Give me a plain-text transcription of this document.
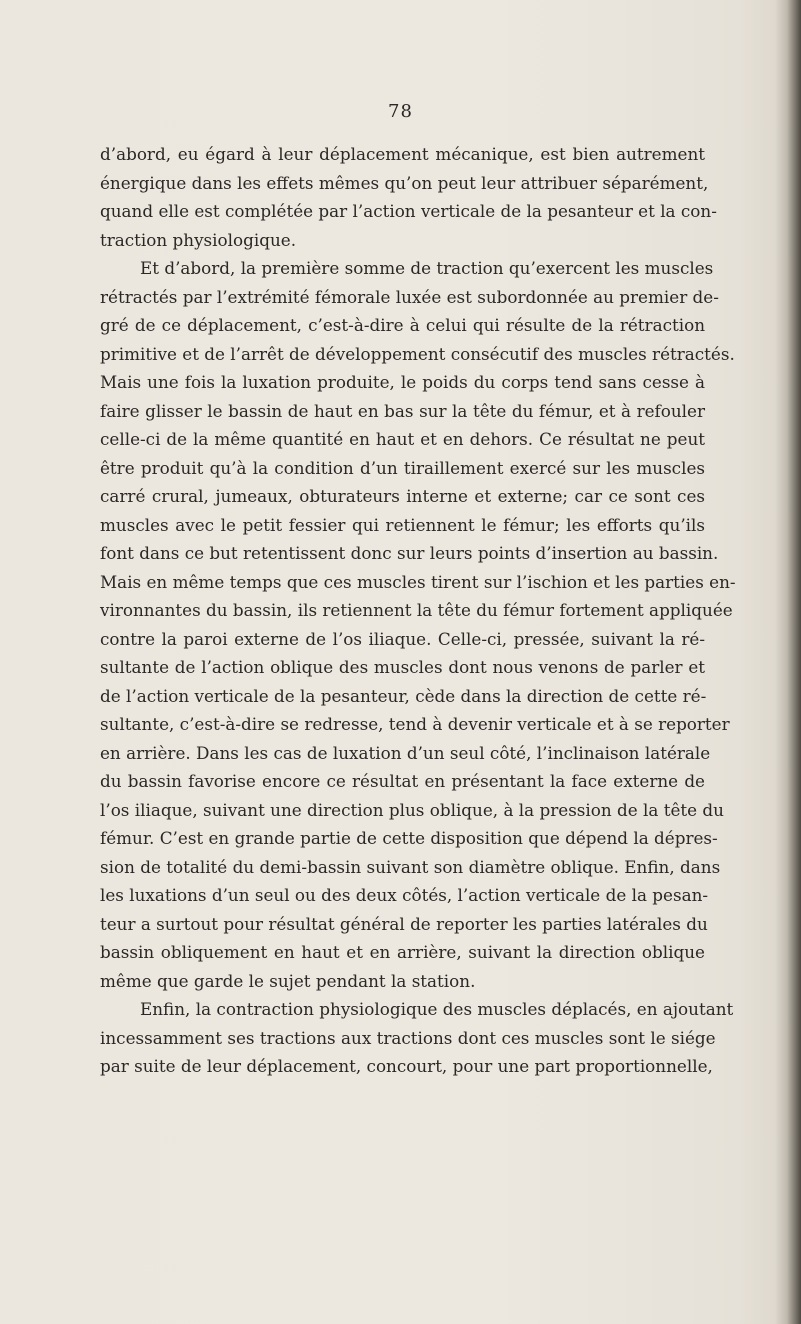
78
d’abord, eu égard à leur déplacement mécanique, est bien autrement
énergique dans les effets mêmes qu’on peut leur attribuer séparément,
quand elle est complétée par l’action verticale de la pesanteur et la con-
traction physiologique.
Et d’abord, la première somme de traction qu’exercent les muscles
rétractés par l’extrémité fémorale luxée est subordonnée au premier de-
gré de ce déplacement, c’est-à-dire à celui qui résulte de la rétraction
primitive et de l’arrêt de développement consécutif des muscles rétractés.
Mais une fois la luxation produite, le poids du corps tend sans cesse à
faire glisser le bassin de haut en bas sur la tête du fémur, et à refouler
celle-ci de la même quantité en haut et en dehors. Ce résultat ne peut
être produit qu’à la condition d’un tiraillement exercé sur les muscles
carré crural, jumeaux, obturateurs interne et externe; car ce sont ces
muscles avec le petit fessier qui retiennent le fémur; les efforts qu’ils
font dans ce but retentissent donc sur leurs points d’insertion au bassin.
Mais en même temps que ces muscles tirent sur l’ischion et les parties en-
vironnantes du bassin, ils retiennent la tête du fémur fortement appliquée
contre la paroi externe de l’os iliaque. Celle-ci, pressée, suivant la ré-
sultante de l’action oblique des muscles dont nous venons de parler et
de l’action verticale de la pesanteur, cède dans la direction de cette ré-
sultante, c’est-à-dire se redresse, tend à devenir verticale et à se reporter
en arrière. Dans les cas de luxation d’un seul côté, l’inclinaison latérale
du bassin favorise encore ce résultat en présentant la face externe de
l’os iliaque, suivant une direction plus oblique, à la pression de la tête du
fémur. C’est en grande partie de cette disposition que dépend la dépres-
sion de totalité du demi-bassin suivant son diamètre oblique. Enfin, dans
les luxations d’un seul ou des deux côtés, l’action verticale de la pesan-
teur a surtout pour résultat général de reporter les parties latérales du
bassin obliquement en haut et en arrière, suivant la direction oblique
même que garde le sujet pendant la station.
Enfin, la contraction physiologique des muscles déplacés, en ajoutant
incessamment ses tractions aux tractions dont ces muscles sont le siége
par suite de leur déplacement, concourt, pour une part proportionnelle,
